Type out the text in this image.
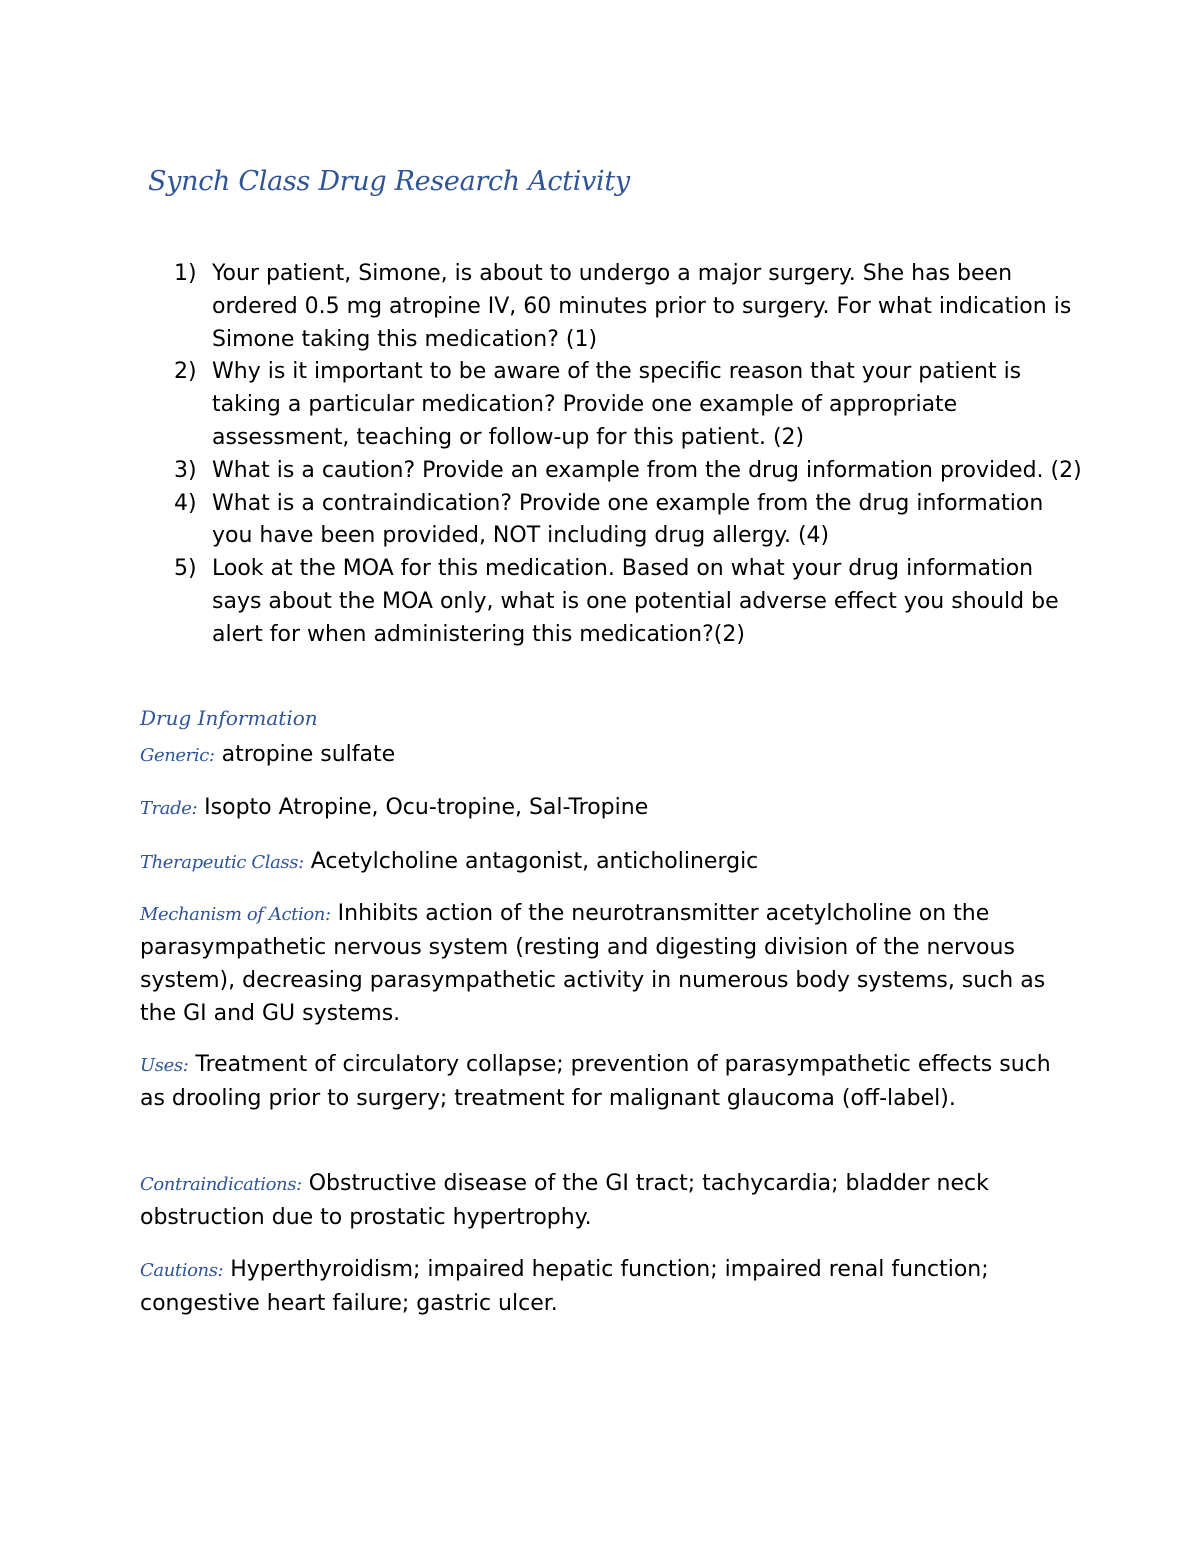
Synch Class Drug Research Activity
1) Your patient, Simone, is about to undergo a major surgery. She has been ordered 0.5 mg atropine IV, 60 minutes prior to surgery. For what indication is Simone taking this medication? (1)
2) Why is it important to be aware of the specific reason that your patient is taking a particular medication? Provide one example of appropriate assessment, teaching or follow-up for this patient. (2)
3) What is a caution? Provide an example from the drug information provided. (2)
4) What is a contraindication? Provide one example from the drug information you have been provided, NOT including drug allergy. (4)
5) Look at the MOA for this medication. Based on what your drug information says about the MOA only, what is one potential adverse effect you should be alert for when administering this medication?(2)
Drug Information
Generic: atropine sulfate
Trade: Isopto Atropine, Ocu-tropine, Sal-Tropine
Therapeutic Class: Acetylcholine antagonist, anticholinergic
Mechanism of Action: Inhibits action of the neurotransmitter acetylcholine on the parasympathetic nervous system (resting and digesting division of the nervous system), decreasing parasympathetic activity in numerous body systems, such as the GI and GU systems.
Uses: Treatment of circulatory collapse; prevention of parasympathetic effects such as drooling prior to surgery; treatment for malignant glaucoma (off-label).
Contraindications: Obstructive disease of the GI tract; tachycardia; bladder neck obstruction due to prostatic hypertrophy.
Cautions: Hyperthyroidism; impaired hepatic function; impaired renal function; congestive heart failure; gastric ulcer.
